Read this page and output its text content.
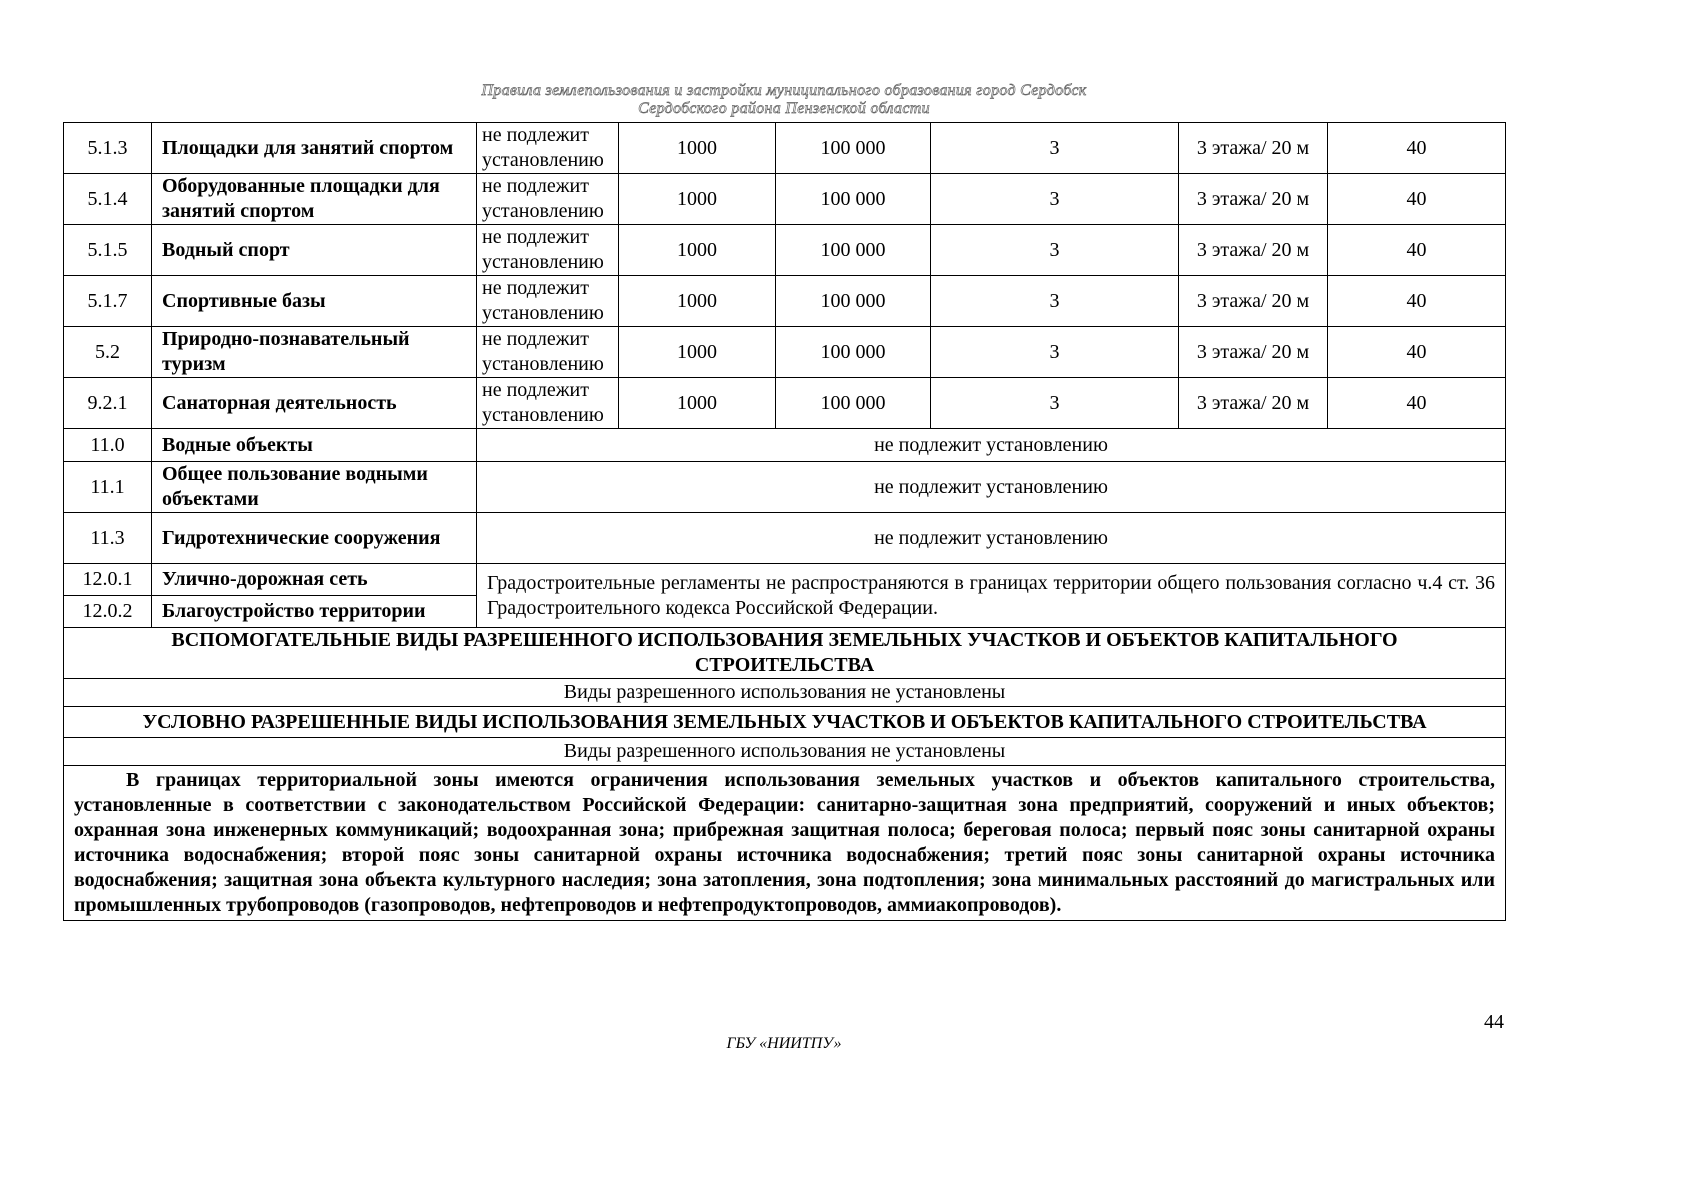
Правила землепользования и застройки муниципального образования город Сердобск
Сердобского района Пензенской области
5.1.3	Площадки для занятий спортом	не подлежит установлению	1000	100 000	3	3 этажа/ 20 м	40
5.1.4	Оборудованные площадки для занятий спортом	не подлежит установлению	1000	100 000	3	3 этажа/ 20 м	40
5.1.5	Водный спорт	не подлежит установлению	1000	100 000	3	3 этажа/ 20 м	40
5.1.7	Спортивные базы	не подлежит установлению	1000	100 000	3	3 этажа/ 20 м	40
5.2	Природно-познавательный туризм	не подлежит установлению	1000	100 000	3	3 этажа/ 20 м	40
9.2.1	Санаторная деятельность	не подлежит установлению	1000	100 000	3	3 этажа/ 20 м	40
11.0	Водные объекты	не подлежит установлению					
11.1	Общее пользование водными объектами	не подлежит установлению					
11.3	Гидротехнические сооружения	не подлежит установлению					
12.0.1	Улично-дорожная сеть	Градостроительные регламенты не распространяются в границах территории общего пользования согласно ч.4 ст. 36 Градостроительного кодекса Российской Федерации.					
12.0.2	Благоустройство территории						
ВСПОМОГАТЕЛЬНЫЕ ВИДЫ РАЗРЕШЕННОГО ИСПОЛЬЗОВАНИЯ ЗЕМЕЛЬНЫХ УЧАСТКОВ И ОБЪЕКТОВ КАПИТАЛЬНОГО СТРОИТЕЛЬСТВА							
Виды разрешенного использования не установлены							
УСЛОВНО РАЗРЕШЕННЫЕ ВИДЫ ИСПОЛЬЗОВАНИЯ ЗЕМЕЛЬНЫХ УЧАСТКОВ И ОБЪЕКТОВ КАПИТАЛЬНОГО СТРОИТЕЛЬСТВА							
Виды разрешенного использования не установлены							
В границах территориальной зоны имеются ограничения использования земельных участков и объектов капитального строительства, установленные в соответствии с законодательством Российской Федерации: санитарно-защитная зона предприятий, сооружений и иных объектов; охранная зона инженерных коммуникаций; водоохранная зона; прибрежная защитная полоса; береговая полоса; первый пояс зоны санитарной охраны источника водоснабжения; второй пояс зоны санитарной охраны источника водоснабжения; третий пояс зоны санитарной охраны источника водоснабжения; защитная зона объекта культурного наследия; зона затопления, зона подтопления; зона минимальных расстояний до магистральных или промышленных трубопроводов (газопроводов, нефтепроводов и нефтепродуктопроводов, аммиакопроводов).							
44
ГБУ «НИИТПУ»
